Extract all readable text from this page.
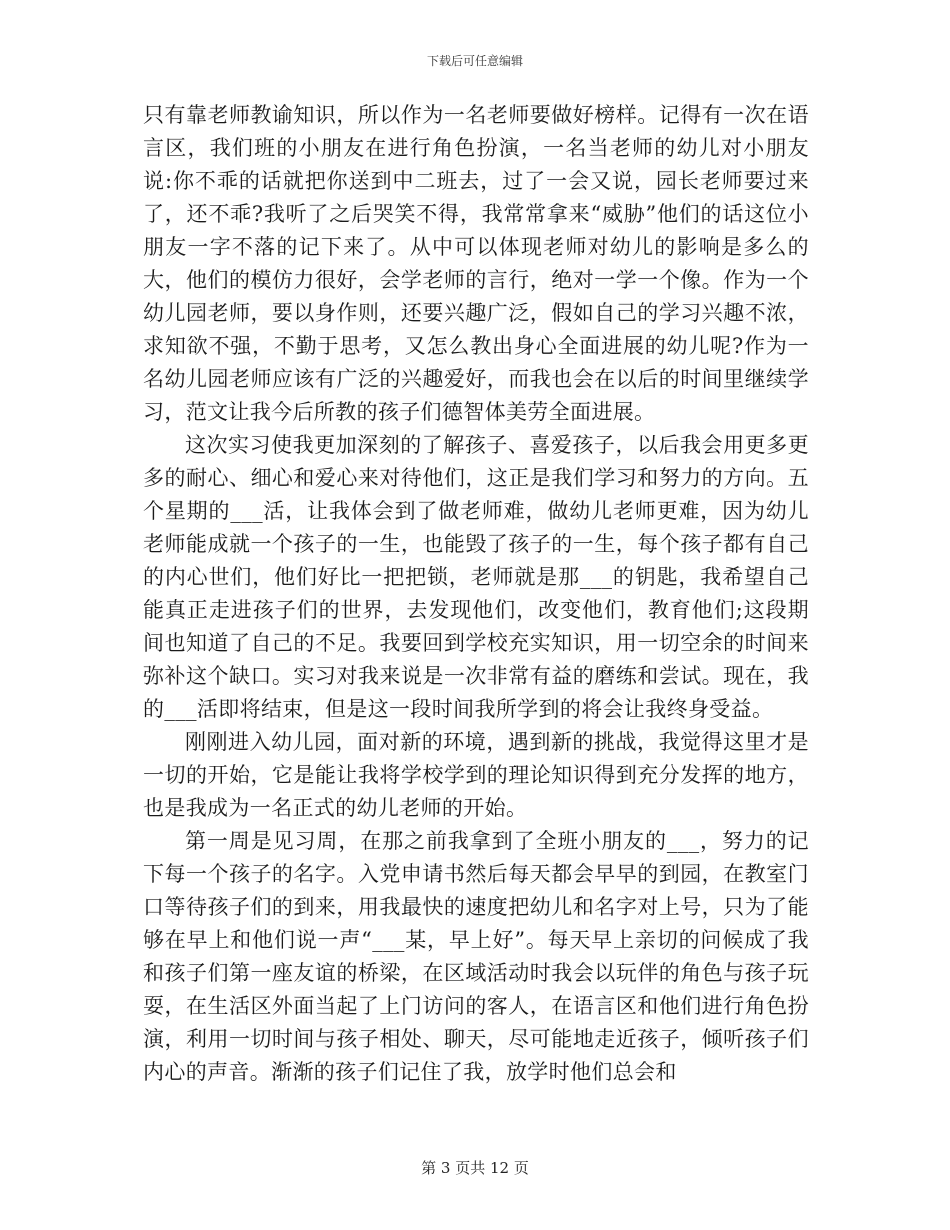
下载后可任意编辑

只有靠老师教谕知识，所以作为一名老师要做好榜样。记得有一次在语言区，我们班的小朋友在进行角色扮演，一名当老师的幼儿对小朋友说:你不乖的话就把你送到中二班去，过了一会又说，园长老师要过来了，还不乖?我听了之后哭笑不得，我常常拿来“威胁”他们的话这位小朋友一字不落的记下来了。从中可以体现老师对幼儿的影响是多么的大，他们的模仿力很好，会学老师的言行，绝对一学一个像。作为一个幼儿园老师，要以身作则，还要兴趣广泛，假如自己的学习兴趣不浓，求知欲不强，不勤于思考，又怎么教出身心全面进展的幼儿呢?作为一名幼儿园老师应该有广泛的兴趣爱好，而我也会在以后的时间里继续学习，范文让我今后所教的孩子们德智体美劳全面进展。

这次实习使我更加深刻的了解孩子、喜爱孩子，以后我会用更多更多的耐心、细心和爱心来对待他们，这正是我们学习和努力的方向。五个星期的___活，让我体会到了做老师难，做幼儿老师更难，因为幼儿老师能成就一个孩子的一生，也能毁了孩子的一生，每个孩子都有自己的内心世们，他们好比一把把锁，老师就是那___的钥匙，我希望自己能真正走进孩子们的世界，去发现他们，改变他们，教育他们;这段期间也知道了自己的不足。我要回到学校充实知识，用一切空余的时间来弥补这个缺口。实习对我来说是一次非常有益的磨练和尝试。现在，我的___活即将结束，但是这一段时间我所学到的将会让我终身受益。

刚刚进入幼儿园，面对新的环境，遇到新的挑战，我觉得这里才是一切的开始，它是能让我将学校学到的理论知识得到充分发挥的地方，也是我成为一名正式的幼儿老师的开始。

第一周是见习周，在那之前我拿到了全班小朋友的___，努力的记下每一个孩子的名字。入党申请书然后每天都会早早的到园，在教室门口等待孩子们的到来，用我最快的速度把幼儿和名字对上号，只为了能够在早上和他们说一声“___某，早上好”。每天早上亲切的问候成了我和孩子们第一座友谊的桥梁，在区域活动时我会以玩伴的角色与孩子玩耍，在生活区外面当起了上门访问的客人，在语言区和他们进行角色扮演，利用一切时间与孩子相处、聊天，尽可能地走近孩子，倾听孩子们内心的声音。渐渐的孩子们记住了我，放学时他们总会和

第 3 页共 12 页
